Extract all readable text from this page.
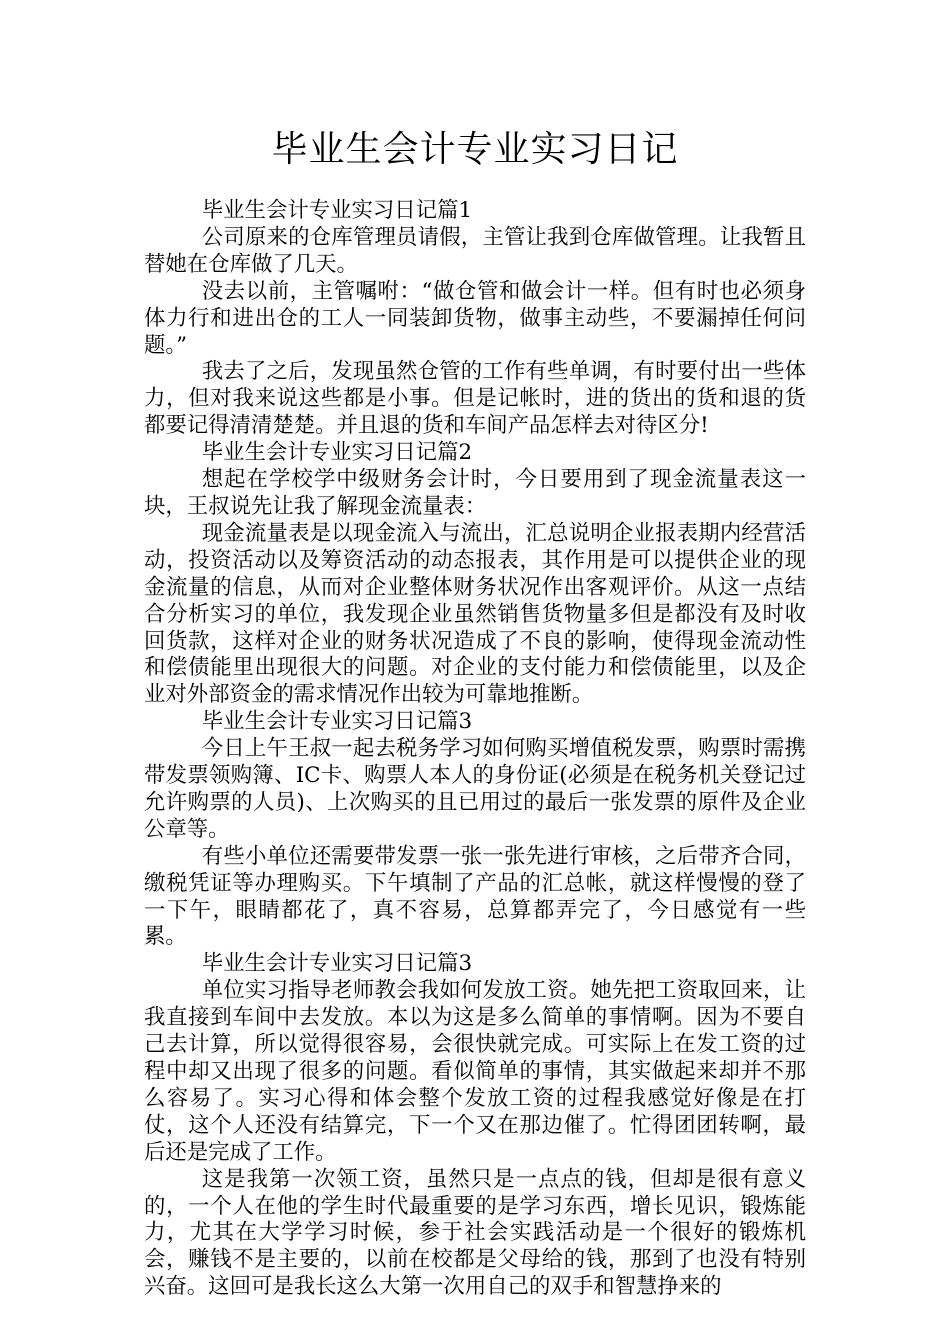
毕业生会计专业实习日记

毕业生会计专业实习日记篇1

公司原来的仓库管理员请假，主管让我到仓库做管理。让我暂且替她在仓库做了几天。

没去以前，主管嘱咐：“做仓管和做会计一样。但有时也必须身体力行和进出仓的工人一同装卸货物，做事主动些，不要漏掉任何问题。”

我去了之后，发现虽然仓管的工作有些单调，有时要付出一些体力，但对我来说这些都是小事。但是记帐时，进的货出的货和退的货都要记得清清楚楚。并且退的货和车间产品怎样去对待区分!

毕业生会计专业实习日记篇2

想起在学校学中级财务会计时，今日要用到了现金流量表这一块，王叔说先让我了解现金流量表：

现金流量表是以现金流入与流出，汇总说明企业报表期内经营活动，投资活动以及筹资活动的动态报表，其作用是可以提供企业的现金流量的信息，从而对企业整体财务状况作出客观评价。从这一点结合分析实习的单位，我发现企业虽然销售货物量多但是都没有及时收回货款，这样对企业的财务状况造成了不良的影响，使得现金流动性和偿债能里出现很大的问题。对企业的支付能力和偿债能里，以及企业对外部资金的需求情况作出较为可靠地推断。

毕业生会计专业实习日记篇3

今日上午王叔一起去税务学习如何购买增值税发票，购票时需携带发票领购簿、IC卡、购票人本人的身份证(必须是在税务机关登记过允许购票的人员)、上次购买的且已用过的最后一张发票的原件及企业公章等。

有些小单位还需要带发票一张一张先进行审核，之后带齐合同，缴税凭证等办理购买。下午填制了产品的汇总帐，就这样慢慢的登了一下午，眼睛都花了，真不容易，总算都弄完了，今日感觉有一些累。

毕业生会计专业实习日记篇3

单位实习指导老师教会我如何发放工资。她先把工资取回来，让我直接到车间中去发放。本以为这是多么简单的事情啊。因为不要自己去计算，所以觉得很容易，会很快就完成。可实际上在发工资的过程中却又出现了很多的问题。看似简单的事情，其实做起来却并不那么容易了。实习心得和体会整个发放工资的过程我感觉好像是在打仗，这个人还没有结算完，下一个又在那边催了。忙得团团转啊，最后还是完成了工作。

这是我第一次领工资，虽然只是一点点的钱，但却是很有意义的，一个人在他的学生时代最重要的是学习东西，增长见识，锻炼能力，尤其在大学学习时候，参于社会实践活动是一个很好的锻炼机会，赚钱不是主要的，以前在校都是父母给的钱，那到了也没有特别兴奋。这回可是我长这么大第一次用自己的双手和智慧挣来的
